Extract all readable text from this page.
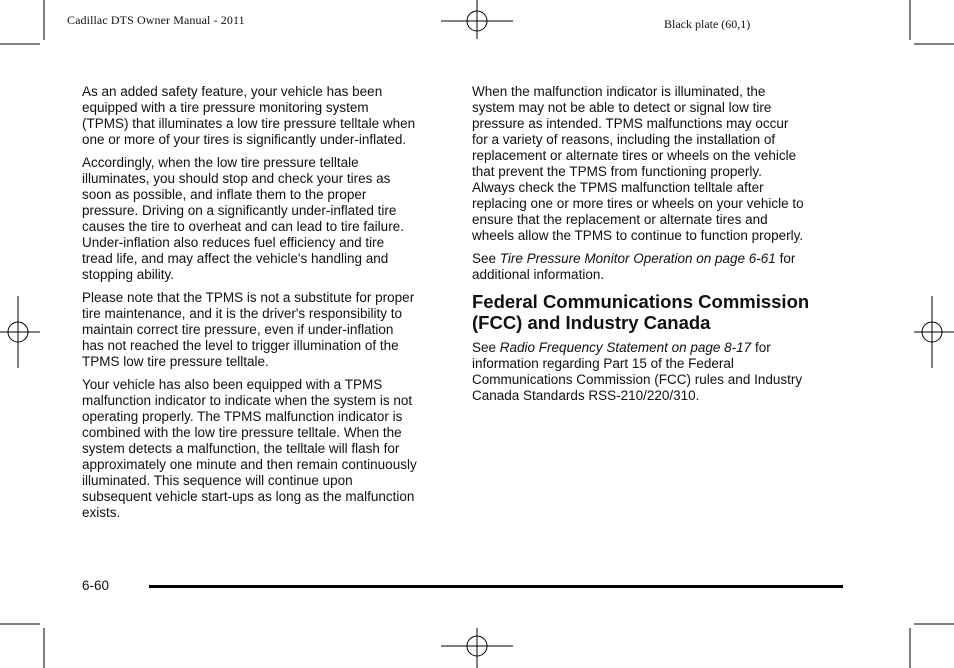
Cadillac DTS Owner Manual - 2011	Black plate (60,1)

As an added safety feature, your vehicle has been
equipped with a tire pressure monitoring system
(TPMS) that illuminates a low tire pressure telltale when
one or more of your tires is significantly under-inflated.

Accordingly, when the low tire pressure telltale
illuminates, you should stop and check your tires as
soon as possible, and inflate them to the proper
pressure. Driving on a significantly under-inflated tire
causes the tire to overheat and can lead to tire failure.
Under-inflation also reduces fuel efficiency and tire
tread life, and may affect the vehicle's handling and
stopping ability.

Please note that the TPMS is not a substitute for proper
tire maintenance, and it is the driver's responsibility to
maintain correct tire pressure, even if under-inflation
has not reached the level to trigger illumination of the
TPMS low tire pressure telltale.

Your vehicle has also been equipped with a TPMS
malfunction indicator to indicate when the system is not
operating properly. The TPMS malfunction indicator is
combined with the low tire pressure telltale. When the
system detects a malfunction, the telltale will flash for
approximately one minute and then remain continuously
illuminated. This sequence will continue upon
subsequent vehicle start-ups as long as the malfunction
exists.

When the malfunction indicator is illuminated, the
system may not be able to detect or signal low tire
pressure as intended. TPMS malfunctions may occur
for a variety of reasons, including the installation of
replacement or alternate tires or wheels on the vehicle
that prevent the TPMS from functioning properly.
Always check the TPMS malfunction telltale after
replacing one or more tires or wheels on your vehicle to
ensure that the replacement or alternate tires and
wheels allow the TPMS to continue to function properly.

See Tire Pressure Monitor Operation on page 6-61 for
additional information.

Federal Communications Commission
(FCC) and Industry Canada

See Radio Frequency Statement on page 8-17 for
information regarding Part 15 of the Federal
Communications Commission (FCC) rules and Industry
Canada Standards RSS-210/220/310.

6-60
